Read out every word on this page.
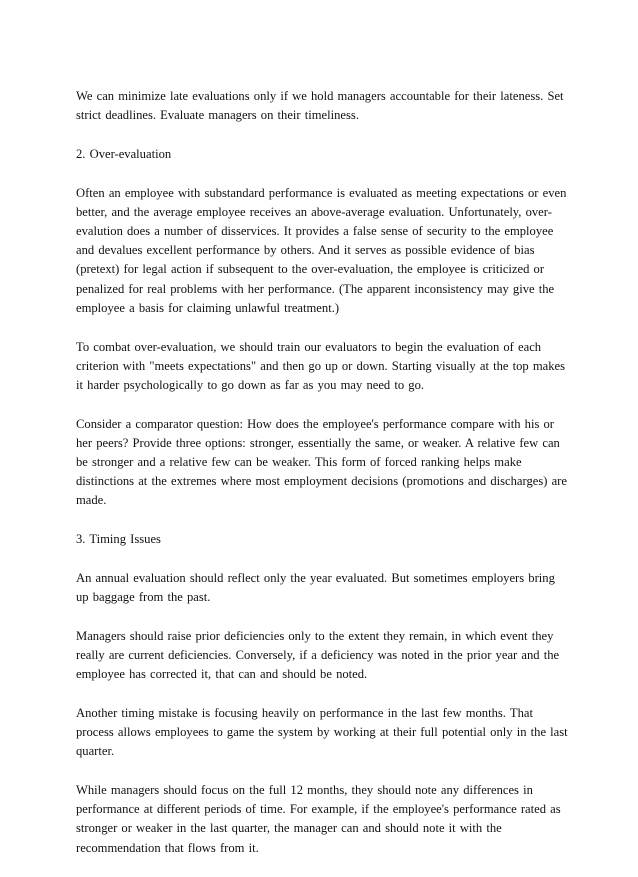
We can minimize late evaluations only if we hold managers accountable for their lateness. Set strict deadlines. Evaluate managers on their timeliness.

2. Over-evaluation

Often an employee with substandard performance is evaluated as meeting expectations or even better, and the average employee receives an above-average evaluation. Unfortunately, over-evalution does a number of disservices. It provides a false sense of security to the employee and devalues excellent performance by others. And it serves as possible evidence of bias (pretext) for legal action if subsequent to the over-evaluation, the employee is criticized or penalized for real problems with her performance. (The apparent inconsistency may give the employee a basis for claiming unlawful treatment.)

To combat over-evaluation, we should train our evaluators to begin the evaluation of each criterion with "meets expectations" and then go up or down. Starting visually at the top makes it harder psychologically to go down as far as you may need to go.

Consider a comparator question: How does the employee's performance compare with his or her peers? Provide three options: stronger, essentially the same, or weaker. A relative few can be stronger and a relative few can be weaker. This form of forced ranking helps make distinctions at the extremes where most employment decisions (promotions and discharges) are made.

3. Timing Issues

An annual evaluation should reflect only the year evaluated. But sometimes employers bring up baggage from the past.

Managers should raise prior deficiencies only to the extent they remain, in which event they really are current deficiencies. Conversely, if a deficiency was noted in the prior year and the employee has corrected it, that can and should be noted.

Another timing mistake is focusing heavily on performance in the last few months. That process allows employees to game the system by working at their full potential only in the last quarter.

While managers should focus on the full 12 months, they should note any differences in performance at different periods of time. For example, if the employee's performance rated as stronger or weaker in the last quarter, the manager can and should note it with the recommendation that flows from it.
